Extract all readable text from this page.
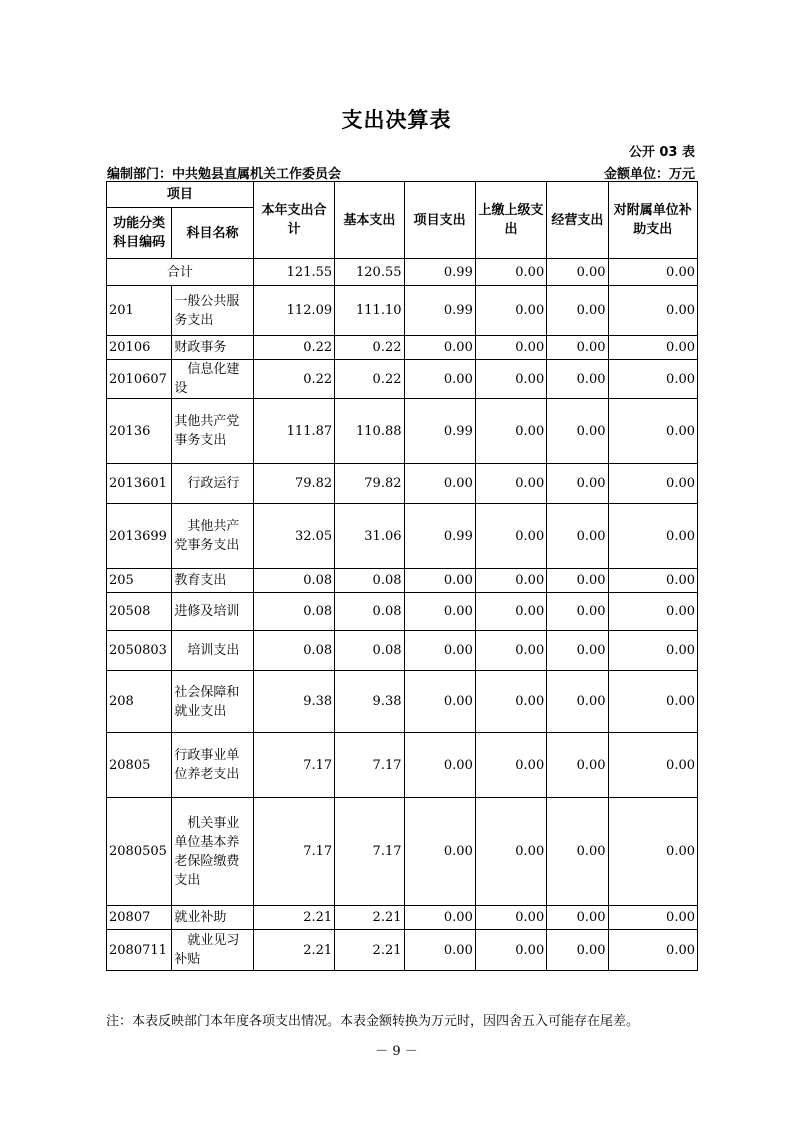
支出决算表
公开 03 表
编制部门：中共勉县直属机关工作委员会	金额单位：万元
项目		本年支出合计	基本支出	项目支出	上缴上级支出	经营支出	对附属单位补助支出
功能分类科目编码	科目名称						
合计		121.55	120.55	0.99	0.00	0.00	0.00
201	一般公共服务支出	112.09	111.10	0.99	0.00	0.00	0.00
20106	财政事务	0.22	0.22	0.00	0.00	0.00	0.00
2010607	　信息化建设	0.22	0.22	0.00	0.00	0.00	0.00
20136	其他共产党事务支出	111.87	110.88	0.99	0.00	0.00	0.00
2013601	　行政运行	79.82	79.82	0.00	0.00	0.00	0.00
2013699	　其他共产党事务支出	32.05	31.06	0.99	0.00	0.00	0.00
205	教育支出	0.08	0.08	0.00	0.00	0.00	0.00
20508	进修及培训	0.08	0.08	0.00	0.00	0.00	0.00
2050803	　培训支出	0.08	0.08	0.00	0.00	0.00	0.00
208	社会保障和就业支出	9.38	9.38	0.00	0.00	0.00	0.00
20805	行政事业单位养老支出	7.17	7.17	0.00	0.00	0.00	0.00
2080505	　机关事业单位基本养老保险缴费支出	7.17	7.17	0.00	0.00	0.00	0.00
20807	就业补助	2.21	2.21	0.00	0.00	0.00	0.00
2080711	　就业见习补贴	2.21	2.21	0.00	0.00	0.00	0.00
注：本表反映部门本年度各项支出情况。本表金额转换为万元时，因四舍五入可能存在尾差。
－ 9 －
